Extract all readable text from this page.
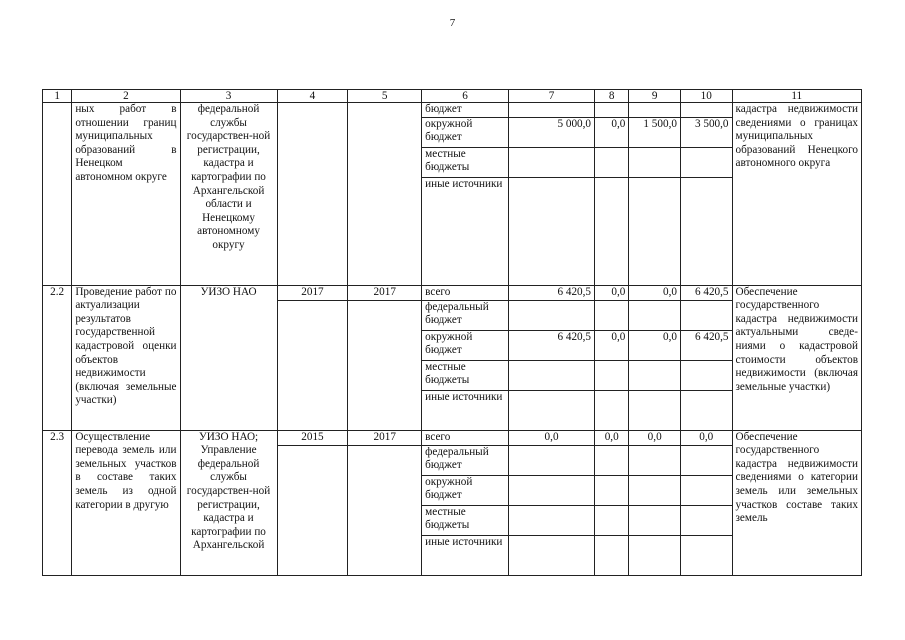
7
1	2	3	4	5	6	7	8	9	10	11
	ных работ в отношении границ муниципальных образований в Ненецком автономном округе	федеральной службы государствен-ной регистрации, кадастра и картографии по Архангельской области и Ненецкому автономному округу			бюджет					кадастра недвижимости сведениями о границах муниципальных образований Ненецкого автономного округа
					окружной бюджет	5 000,0	0,0	1 500,0	3 500,0	
					местные бюджеты					
					иные источники					
2.2	Проведение работ по актуализации результатов государственной кадастровой оценки объектов недвижимости (включая земельные участки)	УИЗО НАО	2017	2017	всего	6 420,5	0,0	0,0	6 420,5	Обеспечение государственного кадастра недвижимости актуальными сведе-ниями о кадастровой стоимости объектов недвижимости (включая земельные участки)
					федеральный бюджет					
					окружной бюджет	6 420,5	0,0	0,0	6 420,5	
					местные бюджеты					
					иные источники					
2.3	Осуществление перевода земель или земельных участков в составе таких земель из одной категории в другую	УИЗО НАО; Управление федеральной службы государствен-ной регистрации, кадастра и картографии по Архангельской	2015	2017	всего	0,0	0,0	0,0	0,0	Обеспечение государственного кадастра недвижимости сведениями о категории земель или земельных участков составе таких земель
					федеральный бюджет					
					окружной бюджет					
					местные бюджеты					
					иные источники					
